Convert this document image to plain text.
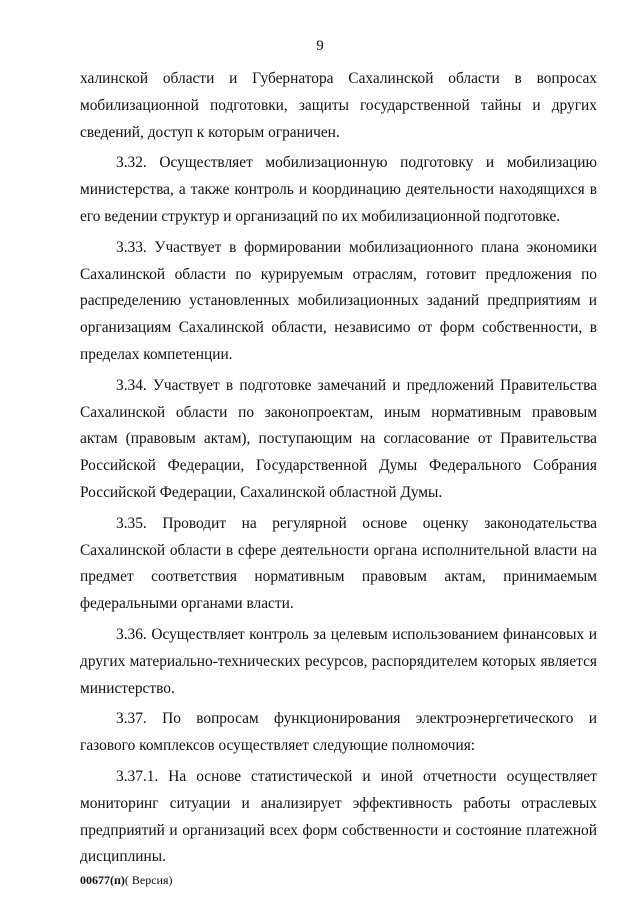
9

халинской области и Губернатора Сахалинской области в вопросах мобилизационной подготовки, защиты государственной тайны и других сведений, доступ к которым ограничен.

3.32. Осуществляет мобилизационную подготовку и мобилизацию министерства, а также контроль и координацию деятельности находящихся в его ведении структур и организаций по их мобилизационной подготовке.

3.33. Участвует в формировании мобилизационного плана экономики Сахалинской области по курируемым отраслям, готовит предложения по распределению установленных мобилизационных заданий предприятиям и организациям Сахалинской области, независимо от форм собственности, в пределах компетенции.

3.34. Участвует в подготовке замечаний и предложений Правительства Сахалинской области по законопроектам, иным нормативным правовым актам (правовым актам), поступающим на согласование от Правительства Российской Федерации, Государственной Думы Федерального Собрания Российской Федерации, Сахалинской областной Думы.

3.35. Проводит на регулярной основе оценку законодательства Сахалинской области в сфере деятельности органа исполнительной власти на предмет соответствия нормативным правовым актам, принимаемым федеральными органами власти.

3.36. Осуществляет контроль за целевым использованием финансовых и других материально-технических ресурсов, распорядителем которых является министерство.

3.37. По вопросам функционирования электроэнергетического и газового комплексов осуществляет следующие полномочия:

3.37.1. На основе статистической и иной отчетности осуществляет мониторинг ситуации и анализирует эффективность работы отраслевых предприятий и организаций всех форм собственности и состояние платежной дисциплины.

00677(п)( Версия)
